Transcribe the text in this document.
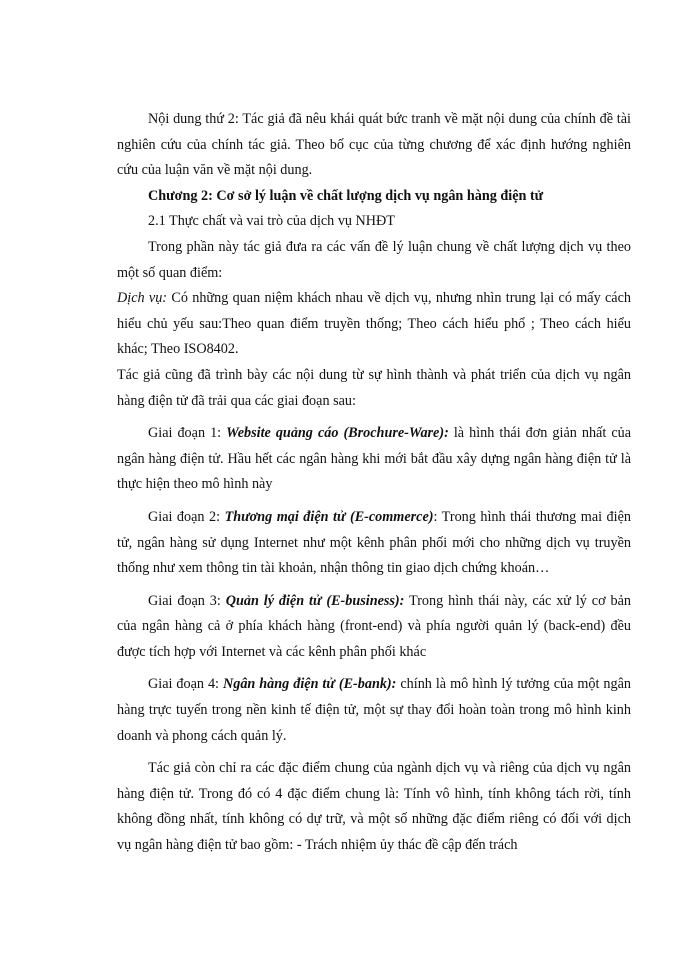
Nội dung thứ 2: Tác giả đã nêu khái quát bức tranh về mặt nội dung của chính đề tài nghiên cứu của chính tác giả. Theo bố cục của từng chương để xác định hướng nghiên cứu của luận văn về mặt nội dung.

Chương 2: Cơ sở lý luận về chất lượng dịch vụ ngân hàng điện tử

2.1 Thực chất và vai trò của dịch vụ NHĐT

Trong phần này tác giả đưa ra các vấn đề lý luận chung về chất lượng dịch vụ theo một số quan điểm:

Dịch vụ: Có những quan niệm khách nhau về dịch vụ, nhưng nhìn trung lại có mấy cách hiểu chủ yếu sau:Theo quan điểm truyền thống; Theo cách hiểu phổ ; Theo cách hiểu khác; Theo ISO8402.

Tác giả cũng đã trình bày các nội dung từ sự hình thành và phát triển của dịch vụ ngân hàng điện tử đã trải qua các giai đoạn sau:

Giai đoạn 1: Website quảng cáo (Brochure-Ware): là hình thái đơn giản nhất của ngân hàng điện tử. Hầu hết các ngân hàng khi mới bắt đầu xây dựng ngân hàng điện tử là thực hiện theo mô hình này

Giai đoạn 2: Thương mại điện tử (E-commerce): Trong hình thái thương mai điện tử, ngân hàng sử dụng Internet như một kênh phân phối mới cho những dịch vụ truyền thống như xem thông tin tài khoản, nhận thông tin giao dịch chứng khoán…

Giai đoạn 3: Quản lý điện tử (E-business): Trong hình thái này, các xử lý cơ bản của ngân hàng cả ở phía khách hàng (front-end) và phía người quản lý (back-end) đều được tích hợp với Internet và các kênh phân phối khác

Giai đoạn 4: Ngân hàng điện tử (E-bank): chính là mô hình lý tưởng của một ngân hàng trực tuyến trong nền kinh tế điện tử, một sự thay đổi hoàn toàn trong mô hình kinh doanh và phong cách quản lý.

Tác giả còn chỉ ra các đặc điểm chung của ngành dịch vụ và riêng của dịch vụ ngân hàng điện tử. Trong đó có 4 đặc điểm chung là: Tính vô hình, tính không tách rời, tính không đồng nhất, tính không có dự trữ, và một số những đặc điểm riêng có đối với dịch vụ ngân hàng điện tử bao gồm: - Trách nhiệm ủy thác đề cập đến trách
